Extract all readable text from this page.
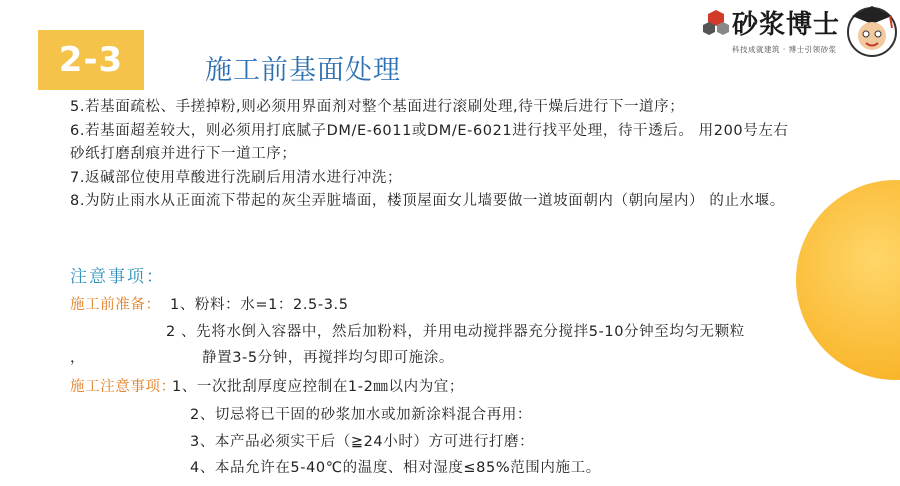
2-3	施工前基面处理
砂浆博士
科技成就建筑 · 博士引领砂浆

5.若基面疏松、手搓掉粉,则必须用界面剂对整个基面进行滚刷处理,待干燥后进行下一道序；

6.若基面超差较大，则必须用打底腻子DM/E-6011或DM/E-6021进行找平处理，待干透后。 用200号左右砂纸打磨刮痕并进行下一道工序；

7.返碱部位使用草酸进行洗刷后用清水进行冲洗；

8.为防止雨水从正面流下带起的灰尘弄脏墙面，楼顶屋面女儿墙要做一道坡面朝内（朝向屋内） 的止水堰。

注意事项：
施工前准备： 1、粉料：水=1：2.5-3.5
2 、先将水倒入容器中，然后加粉料，并用电动搅拌器充分搅拌5-10分钟至均匀无颗粒
，	静置3-5分钟，再搅拌均匀即可施涂。
施工注意事项：
1、一次批刮厚度应控制在1-2㎜以内为宜；
2、切忌将已干固的砂浆加水或加新涂料混合再用：
3、本产品必须实干后（≧24小时）方可进行打磨：
4、本品允许在5-40℃的温度、相对湿度≤85%范围内施工。
